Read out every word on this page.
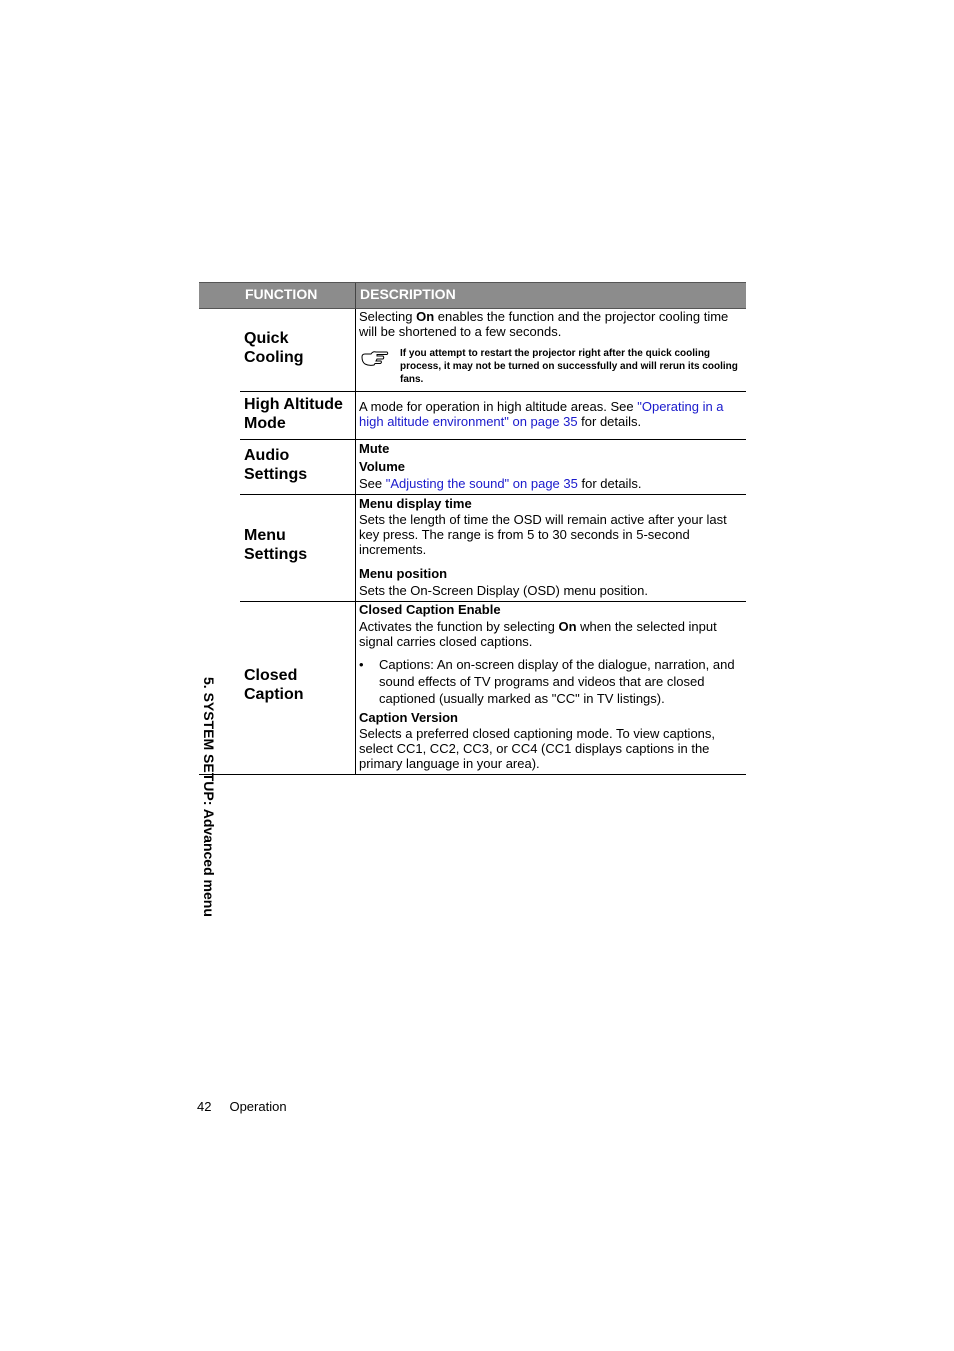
FUNCTION	DESCRIPTION
5. SYSTEM SETUP: Advanced menu
Quick
Cooling

Selecting On enables the function and the projector cooling time will be shortened to a few seconds.

If you attempt to restart the projector right after the quick cooling process, it may not be turned on successfully and will rerun its cooling fans.
High Altitude
Mode

A mode for operation in high altitude areas. See "Operating in a high altitude environment" on page 35 for details.

Audio
Settings

Mute

Volume

See "Adjusting the sound" on page 35 for details.

Menu
Settings

Menu display time

Sets the length of time the OSD will remain active after your last key press. The range is from 5 to 30 seconds in 5-second increments.

Menu position

Sets the On-Screen Display (OSD) menu position.

Closed
Caption

Closed Caption Enable

Activates the function by selecting On when the selected input signal carries closed captions.

• Captions: An on-screen display of the dialogue, narration, and sound effects of TV programs and videos that are closed captioned (usually marked as "CC" in TV listings).

Caption Version

Selects a preferred closed captioning mode. To view captions, select CC1, CC2, CC3, or CC4 (CC1 displays captions in the primary language in your area).

42 Operation
